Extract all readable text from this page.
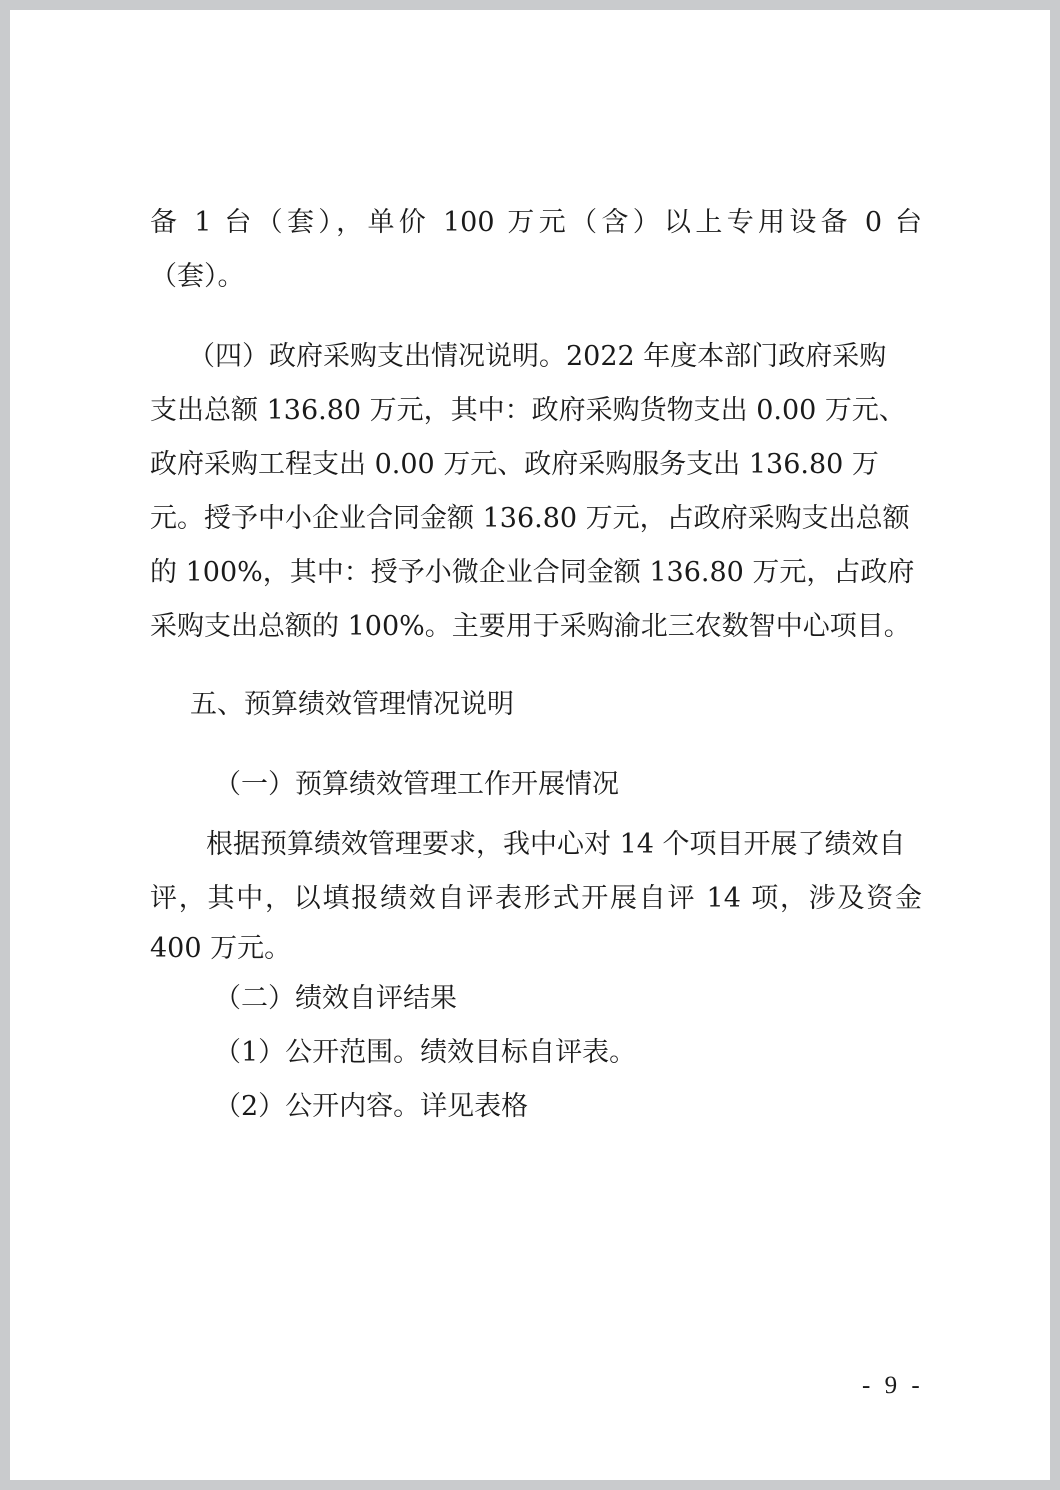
备 1 台（套），单价 100 万元（含）以上专用设备 0 台
（套）。
（四）政府采购支出情况说明。2022 年度本部门政府采购
支出总额 136.80 万元，其中：政府采购货物支出 0.00 万元、
政府采购工程支出 0.00 万元、政府采购服务支出 136.80 万
元。授予中小企业合同金额 136.80 万元，占政府采购支出总额
的 100%，其中：授予小微企业合同金额 136.80 万元，占政府
采购支出总额的 100%。主要用于采购渝北三农数智中心项目。
五、预算绩效管理情况说明
（一）预算绩效管理工作开展情况
根据预算绩效管理要求，我中心对 14 个项目开展了绩效自
评，其中，以填报绩效自评表形式开展自评 14 项，涉及资金
400 万元。
（二）绩效自评结果
（1）公开范围。绩效目标自评表。
（2）公开内容。详见表格
- 9 -
